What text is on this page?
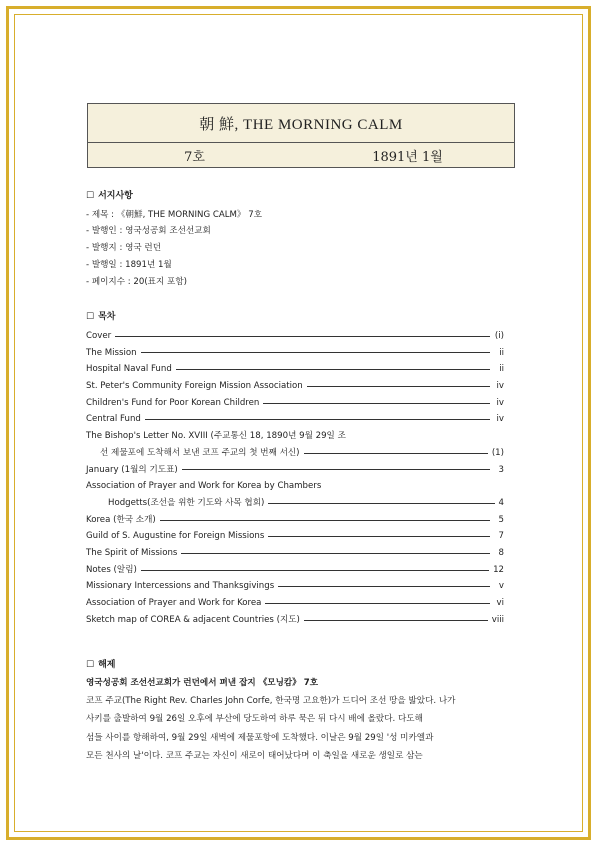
朝 鮮, THE MORNING CALM
7호	1891년 1월
☐ 서지사항
- 제목 : 《朝鮮, THE MORNING CALM》 7호
- 발행인 : 영국성공회 조선선교회
- 발행지 : 영국 런던
- 발행일 : 1891년 1월
- 페이지수 : 20(표지 포함)
☐ 목차
Cover	(i)
The Mission	ii
Hospital Naval Fund	ii
St. Peter's Community Foreign Mission Association	iv
Children's Fund for Poor Korean Children	iv
Central Fund	iv
The Bishop's Letter No. XVIII (주교통신 18, 1890년 9월 29일 조
선 제물포에 도착해서 보낸 코프 주교의 첫 번째 서신)	(1)
January (1월의 기도표)	3
Association of Prayer and Work for Korea by Chambers
Hodgetts(조선을 위한 기도와 사목 협회)	4
Korea (한국 소개)	5
Guild of S. Augustine for Foreign Missions	7
The Spirit of Missions	8
Notes (알림)	12
Missionary Intercessions and Thanksgivings	v
Association of Prayer and Work for Korea	vi
Sketch map of COREA & adjacent Countries (지도)	viii
☐ 해제
영국성공회 조선선교회가 런던에서 펴낸 잡지 《모닝캄》 7호
코프 주교(The Right Rev. Charles John Corfe, 한국명 고요한)가 드디어 조선 땅을 밟았다. 나가
사키를 출발하여 9월 26일 오후에 부산에 당도하여 하루 묵은 뒤 다시 배에 올랐다. 다도해
섬들 사이를 항해하여, 9월 29일 새벽에 제물포항에 도착했다. 이날은 9월 29일 '성 미카엘과
모든 천사의 날'이다. 코프 주교는 자신이 새로이 태어났다며 이 축일을 새로운 생일로 삼는
